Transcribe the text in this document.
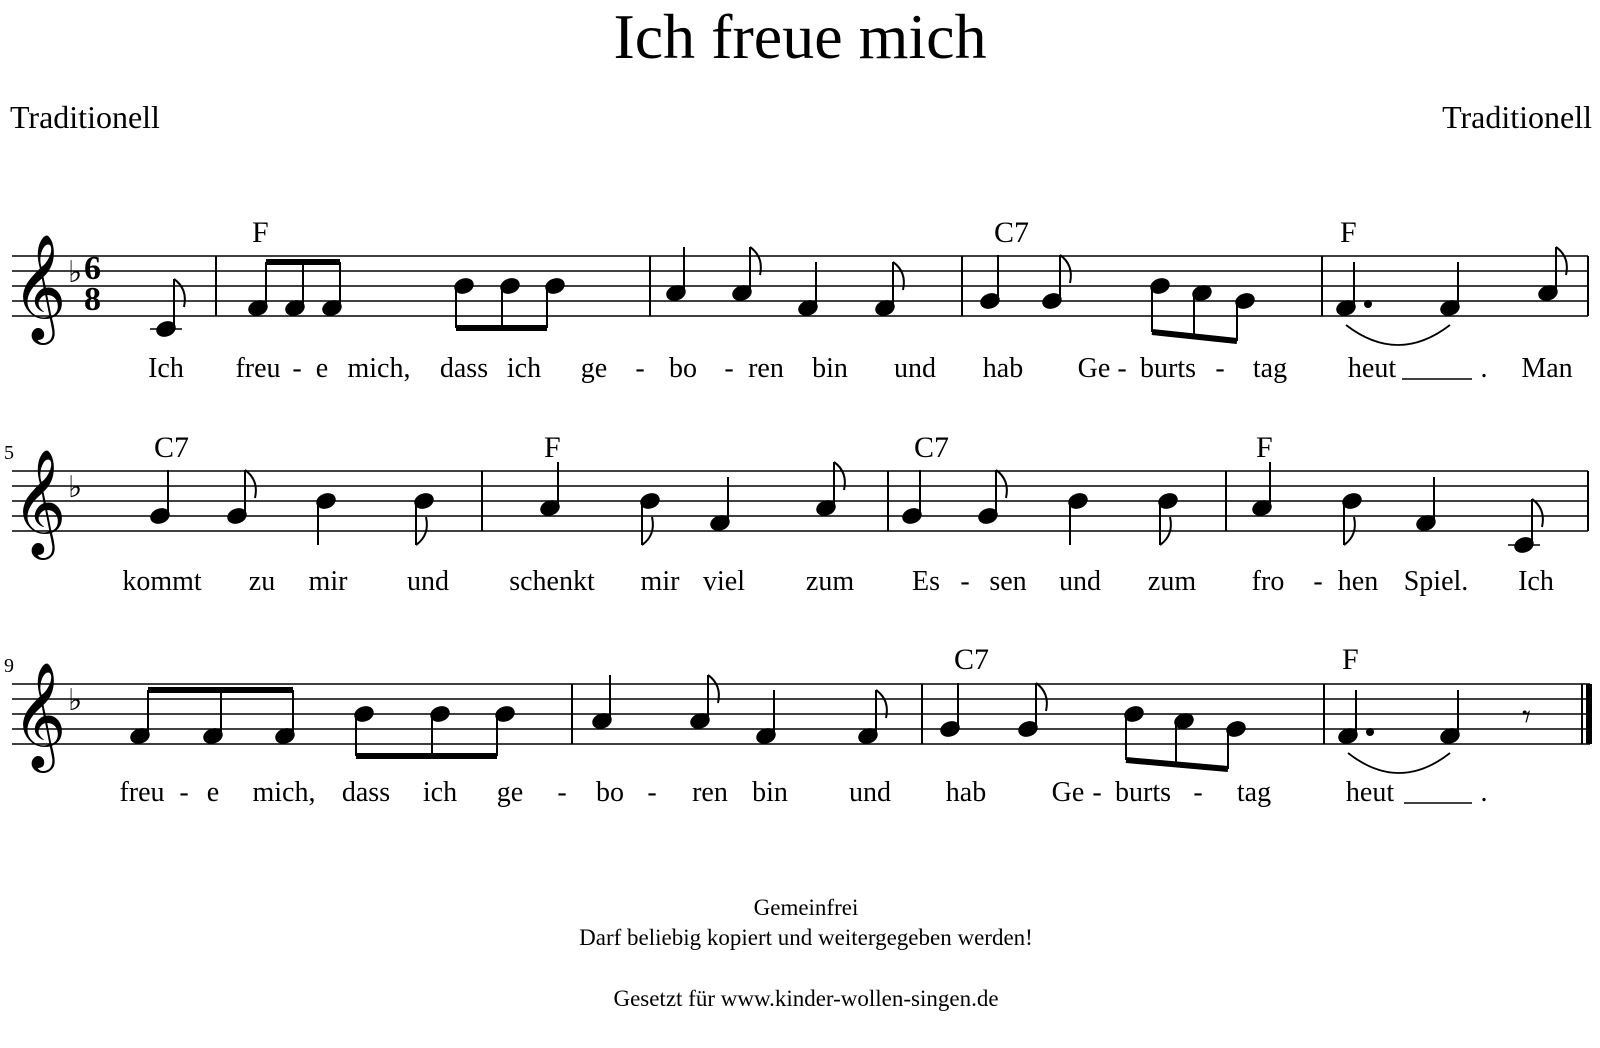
Ich freue mich
Traditionell	Traditionell
𝄞 ♭ 6
8
F	C7	F
Ich freu - e mich, dass ich ge - bo - ren bin und hab Ge - burts - tag heut	. Man
5
𝄞 ♭
C7	F	C7	F
kommt zu mir und schenkt mir viel zum Es - sen und zum fro - hen Spiel. Ich
9
𝄞 ♭	𝄾
C7	F
freu - e mich, dass ich ge - bo - ren bin und hab Ge - burts - tag	heut	.
Gemeinfrei
Darf beliebig kopiert und weitergegeben werden!
Gesetzt für www.kinder-wollen-singen.de
